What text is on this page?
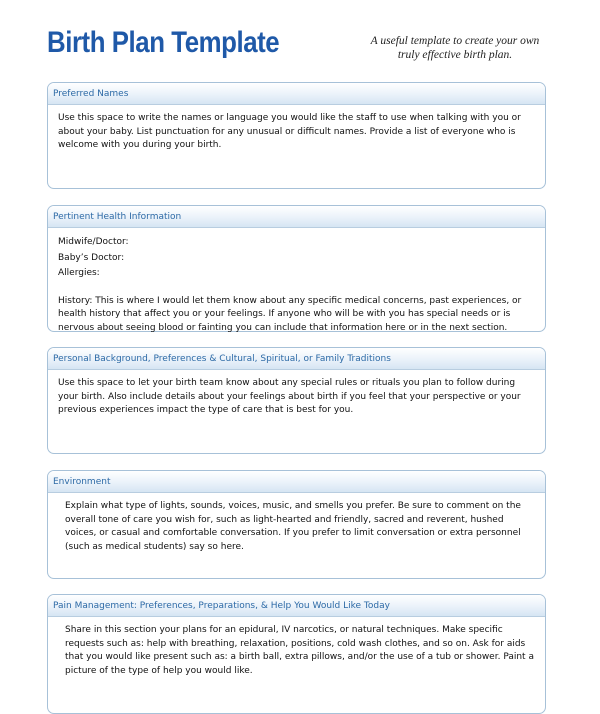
Birth Plan Template	A useful template to create your own
truly effective birth plan.
Preferred Names

Use this space to write the names or language you would like the staff to use when talking with you or about your baby. List punctuation for any unusual or difficult names. Provide a list of everyone who is welcome with you during your birth.

Pertinent Health Information
Midwife/Doctor:
Baby’s Doctor:
Allergies:

History: This is where I would let them know about any specific medical concerns, past experiences, or health history that affect you or your feelings. If anyone who will be with you has special needs or is nervous about seeing blood or fainting you can include that information here or in the next section.

Personal Background, Preferences & Cultural, Spiritual, or Family Traditions

Use this space to let your birth team know about any special rules or rituals you plan to follow during your birth. Also include details about your feelings about birth if you feel that your perspective or your previous experiences impact the type of care that is best for you.

Environment

Explain what type of lights, sounds, voices, music, and smells you prefer. Be sure to comment on the overall tone of care you wish for, such as light-hearted and friendly, sacred and reverent, hushed voices, or casual and comfortable conversation. If you prefer to limit conversation or extra personnel (such as medical students) say so here.

Pain Management: Preferences, Preparations, & Help You Would Like Today

Share in this section your plans for an epidural, IV narcotics, or natural techniques. Make specific requests such as: help with breathing, relaxation, positions, cold wash clothes, and so on. Ask for aids that you would like present such as: a birth ball, extra pillows, and/or the use of a tub or shower. Paint a picture of the type of help you would like.
